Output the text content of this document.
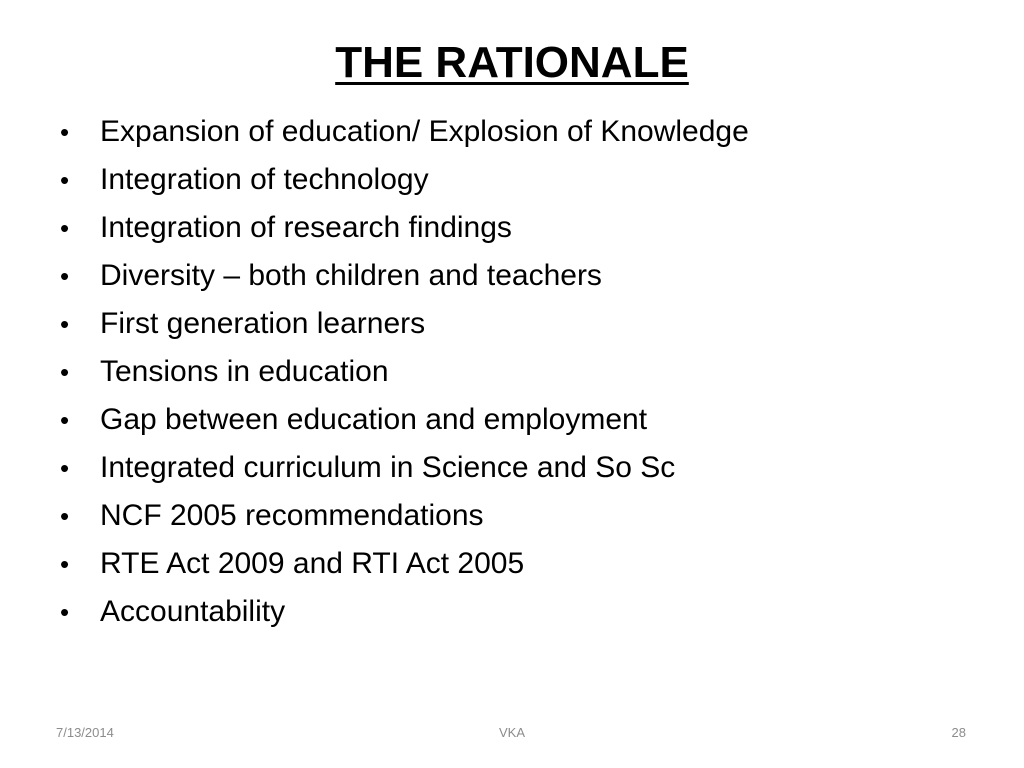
THE RATIONALE
•	Expansion of education/ Explosion of Knowledge
•	Integration of technology
•	Integration of research findings
•	Diversity – both children and teachers
•	First generation learners
•	Tensions in education
•	Gap between education and employment
•	Integrated curriculum in Science and So Sc
•	NCF 2005 recommendations
•	RTE Act 2009 and RTI Act 2005
•	Accountability
7/13/2014	VKA	28
